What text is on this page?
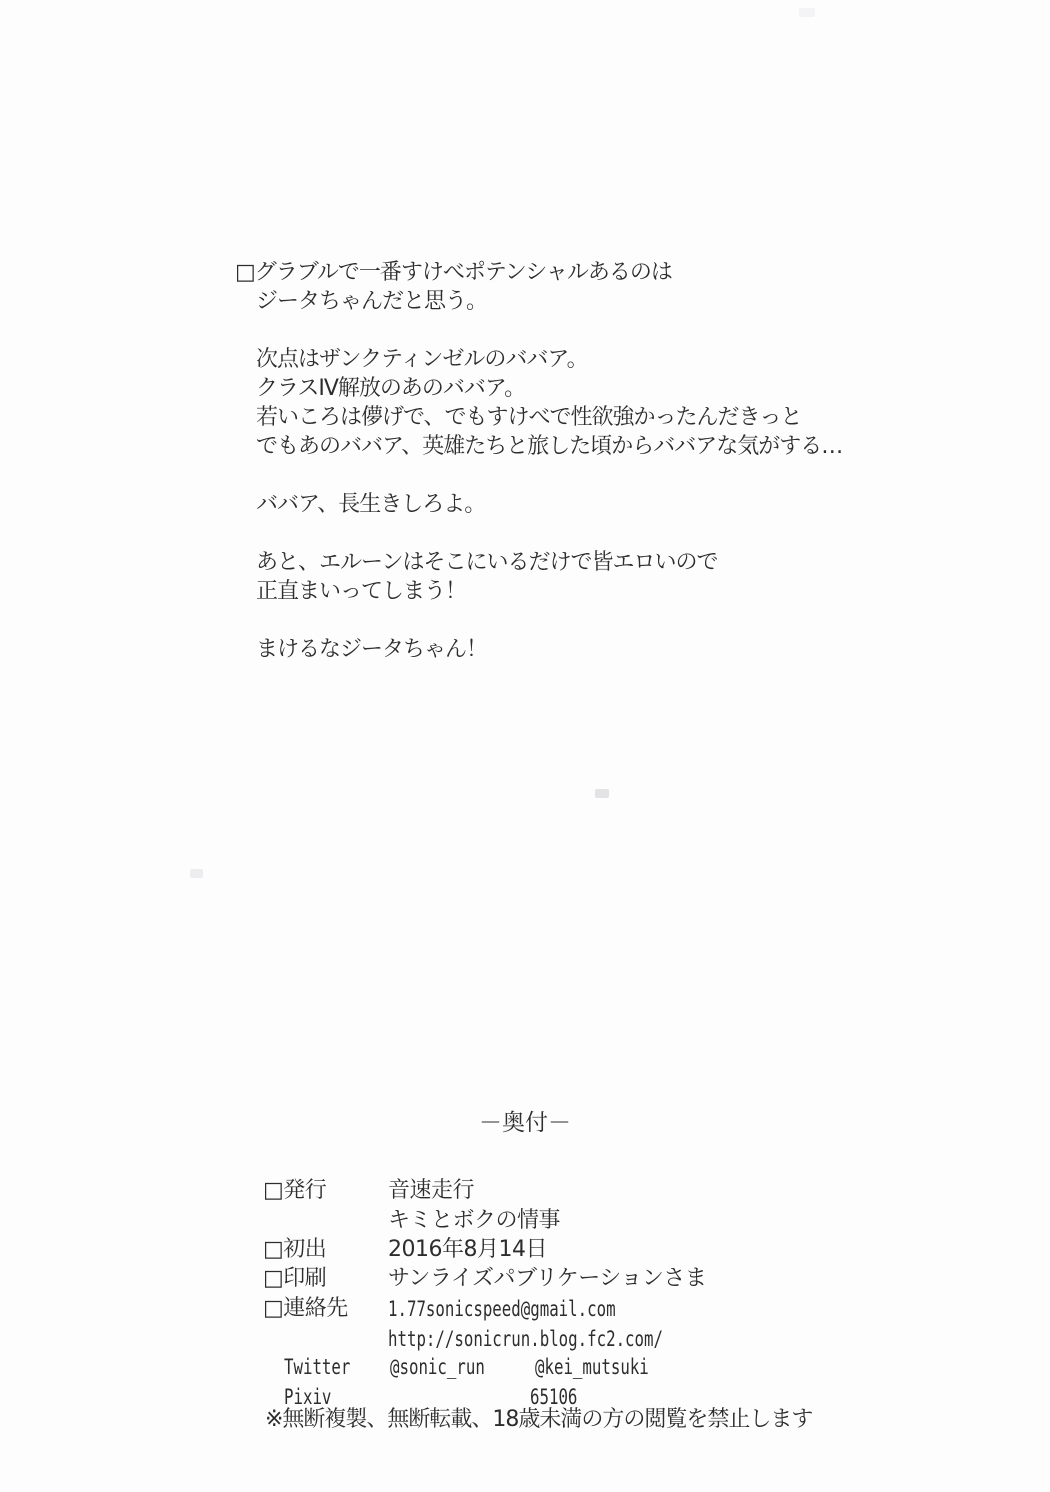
□グラブルで一番すけべポテンシャルあるのは
ジータちゃんだと思う。
次点はザンクティンゼルのババア。
クラスIV解放のあのババア。
若いころは儚げで、でもすけべで性欲強かったんだきっと
でもあのババア、英雄たちと旅した頃からババアな気がする…
ババア、長生きしろよ。
あと、エルーンはそこにいるだけで皆エロいので
正直まいってしまう！
まけるなジータちゃん！
－奥付－
□発行	音速走行
キミとボクの情事
□初出	2016年8月14日
□印刷	サンライズパブリケーションさま
□連絡先 1.77sonicspeed@gmail.com
http://sonicrun.blog.fc2.com/
Twitter @sonic_run @kei_mutsuki
Pixiv	65106
※無断複製、無断転載、18歳未満の方の閲覧を禁止します
